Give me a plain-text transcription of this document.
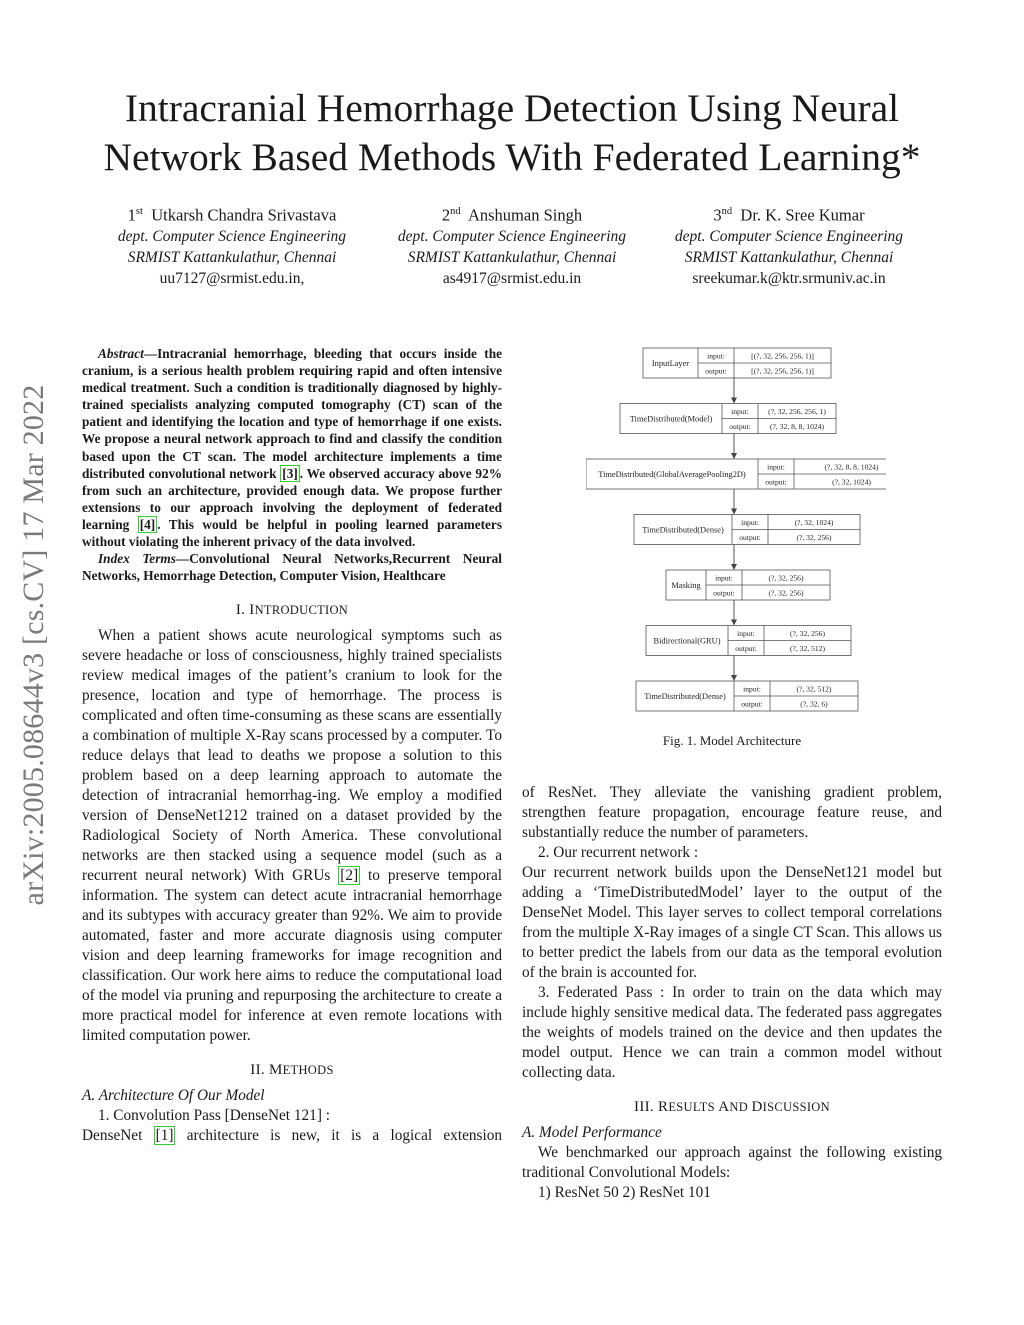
Intracranial Hemorrhage Detection Using Neural Network Based Methods With Federated Learning*
1st Utkarsh Chandra Srivastava
dept. Computer Science Engineering
SRMIST Kattankulathur, Chennai
uu7127@srmist.edu.in,
2nd Anshuman Singh
dept. Computer Science Engineering
SRMIST Kattankulathur, Chennai
as4917@srmist.edu.in
3nd Dr. K. Sree Kumar
dept. Computer Science Engineering
SRMIST Kattankulathur, Chennai
sreekumar.k@ktr.srmuniv.ac.in
arXiv:2005.08644v3 [cs.CV] 17 Mar 2022

Abstract—Intracranial hemorrhage, bleeding that occurs inside the cranium, is a serious health problem requiring rapid and often intensive medical treatment. Such a condition is traditionally diagnosed by highly-trained specialists analyzing computed tomography (CT) scan of the patient and identifying the location and type of hemorrhage if one exists. We propose a neural network approach to find and classify the condition based upon the CT scan. The model architecture implements a time distributed convolutional network [3] . We observed accuracy above 92% from such an architecture, provided enough data. We propose further extensions to our approach involving the deployment of federated learning [4] . This would be helpful in pooling learned parameters without violating the inherent privacy of the data involved.

Index Terms—Convolutional Neural Networks,Recurrent Neural Networks, Hemorrhage Detection, Computer Vision, Healthcare

I. INTRODUCTION

When a patient shows acute neurological symptoms such as severe headache or loss of consciousness, highly trained specialists review medical images of the patient’s cranium to look for the presence, location and type of hemorrhage. The process is complicated and often time-consuming as these scans are essentially a combination of multiple X-Ray scans processed by a computer. To reduce delays that lead to deaths we propose a solution to this problem based on a deep learning approach to automate the detection of intracranial hemorrhag-ing. We employ a modified version of DenseNet1212 trained on a dataset provided by the Radiological Society of North America. These convolutional networks are then stacked using a sequence model (such as a recurrent neural network) With GRUs [2] to preserve temporal information. The system can detect acute intracranial hemorrhage and its subtypes with accuracy greater than 92%. We aim to provide automated, faster and more accurate diagnosis using computer vision and deep learning frameworks for image recognition and classification. Our work here aims to reduce the computational load of the model via pruning and repurposing the architecture to create a more practical model for inference at even remote locations with limited computation power.

II. METHODS

A. Architecture Of Our Model

1. Convolution Pass [DenseNet 121] :

DenseNet [1] architecture is new, it is a logical extension

InputLayer
input:
output:
[(?, 32, 256, 256, 1)]
[(?, 32, 256, 256, 1)]
TimeDistributed(Model)
input:
output:
(?, 32, 256, 256, 1)
(?, 32, 8, 8, 1024)
TimeDistributed(GlobalAveragePooling2D)
input:
output:
(?, 32, 8, 8, 1024)
(?, 32, 1024)
TimeDistributed(Dense)
input:
output:
(?, 32, 1024)
(?, 32, 256)
Masking
input:
output:
(?, 32, 256)
(?, 32, 256)
Bidirectional(GRU)
input:
output:
(?, 32, 256)
(?, 32, 512)
TimeDistributed(Dense)
input:
output:
(?, 32, 512)
(?, 32, 6)
Fig. 1. Model Architecture

of ResNet. They alleviate the vanishing gradient problem, strengthen feature propagation, encourage feature reuse, and substantially reduce the number of parameters.

2. Our recurrent network :

Our recurrent network builds upon the DenseNet121 model but adding a ‘TimeDistributedModel’ layer to the output of the DenseNet Model. This layer serves to collect temporal correlations from the multiple X-Ray images of a single CT Scan. This allows us to better predict the labels from our data as the temporal evolution of the brain is accounted for.

3. Federated Pass : In order to train on the data which may include highly sensitive medical data. The federated pass aggregates the weights of models trained on the device and then updates the model output. Hence we can train a common model without collecting data.

III. RESULTS AND DISCUSSION

A. Model Performance

We benchmarked our approach against the following existing traditional Convolutional Models:

1) ResNet 50 2) ResNet 101
